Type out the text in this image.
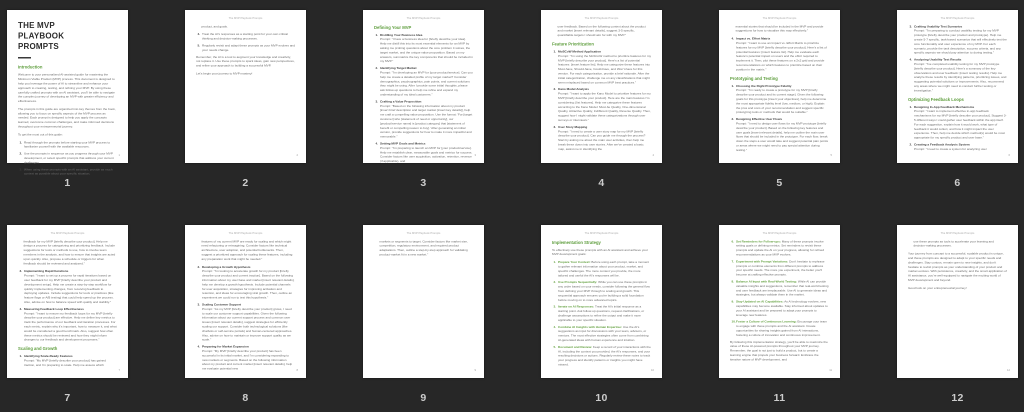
THE MVP PLAYBOOK PROMPTS
Introduction
Welcome to your personalized AI-assisted guide for mastering the Minimum Viable Product (MVP) process. This document is designed to help you leverage the power of AI to streamline and enhance your approach to creating, testing, and refining your MVP. By using these carefully crafted prompts with an AI assistant, you'll be able to navigate the complex journey of developing an MVP with greater efficiency and effectiveness.
The prompts in this guide are organized into key themes from the book, allowing you to focus on specific aspects of the MVP process as needed. Each prompt is designed to help you apply the concepts learned, overcome common challenges, and make informed decisions throughout your entrepreneurial journey.
To get the most out of this guide:
1. Read through the prompts before starting your MVP process to familiarize yourself with the available resources.
2. Use the prompts in sequence as you progress through your MVP development, or select specific prompts that address your current challenges.
3. When using these prompts with an AI assistant, provide as much context as possible about your specific situation,
1
1
The MVP Playbook Prompts
product, and goals.
4. Treat the AI's responses as a starting point for your own critical thinking and decision-making processes.
5. Regularly revisit and adapt these prompts as your MVP evolves and your needs change.
Remember, the AI is a tool to augment your knowledge and creativity, not replace it. Use these prompts to spark ideas, gain new perspectives, and refine your approach to building a successful MVP.
Let's begin your journey to MVP mastery!
2
2
The MVP Playbook Prompts
Defining Your MVP
1. Distilling Your Business Idea
Prompt: "I have a business idea for [briefly describe your idea]. Help me distill this into its most essential elements for an MVP by asking me probing questions about the core problem it solves, the target market, and the unique value proposition. Based on my answers, summarize the key components that should be included in my MVP."
2. Identifying Target Market
Prompt: "I'm developing an MVP for [your product/service]. Can you help me create a detailed profile of my target market? Consider demographics, psychographics, pain points, and current solutions they might be using. After I provide some initial thoughts, please ask follow-up questions to help me refine and expand my understanding of my ideal customers."
3. Crafting a Value Proposition
Prompt: "Based on the following information about my product [insert brief description and target market [insert key details]], help me craft a compelling value proposition. Use the format: 'For [target customer] who [statement of need or opportunity], our [product/service name] is [product category] that [statement of benefit or compelling reason to buy].' After generating an initial version, provide suggestions for how to make it more impactful and memorable."
4. Setting MVP Goals and Metrics
Prompt: "I'm preparing to launch an MVP for [your product/service]. Help me establish clear, measurable goals and metrics for success. Consider factors like user acquisition, activation, retention, revenue (if applicable), and
3
3
The MVP Playbook Prompts
user feedback. Based on the following context about the product and market [insert relevant details], suggest 3-5 specific, quantifiable targets I should aim for with my MVP."
Feature Prioritization
1. MoSCoW Method Application
Prompt: "I'm using the MoSCoW method to prioritize features for my MVP [briefly describe your product]. Here's a list of potential features: [insert feature list]. Help me categorize these features into Must-have, Should-have, Could-have, and Won't-have for this version. For each categorization, provide a brief rationale. After the initial categorization, challenge me on any classifications that might seem misplaced based on common MVP best practices."
2. Kano Model Analysis
Prompt: "I want to apply the Kano Model to prioritize features for my MVP [briefly describe your product]. Here are the main features I'm considering: [list features]. Help me categorize these features according to the Kano Model: Must-be Quality, One-dimensional Quality, Attractive Quality, Indifferent Quality, Reverse Quality. Then, suggest how I might validate these categorizations through user surveys or interviews."
3. User Story Mapping
Prompt: "I need to create a user story map for my MVP [briefly describe your product]. Can you guide me through the process? Start by asking me about the main user activities, then help me break these down into user stories. After we've created a basic map, assist me in identifying the
4
4
The MVP Playbook Prompts
essential stories that should be included in the MVP and provide suggestions for how to visualize this map effectively."
4. Impact vs. Effort Matrix
Prompt: "I want to use an Impact vs. Effort Matrix to prioritize features for my MVP [briefly describe your product]. Here's a list of potential features: [insert feature list]. Help me evaluate each feature's potential impact on users and the effort required to implement it. Then, plot these features on a 2x2 grid and provide recommendations on which features to prioritize based on their position in the matrix."
Prototyping and Testing
1. Choosing the Right Prototype Fidelity
Prompt: "I'm ready to create a prototype for my MVP [briefly describe your product and its current stage]. Given the following goals for this prototype [insert your objectives], help me determine the most appropriate fidelity level (low, medium, or high). Explain the pros and cons of your recommendation and suggest specific prototyping tools or methods that would be suitable."
2. Designing Effective User Flows
Prompt: "I need to design user flows for my MVP prototype [briefly describe your product]. Based on the following key features and user goals [insert relevant details], help me outline the main user flows that should be included in the prototype. For each flow, break down the steps a user would take and suggest potential pain points or areas where we might need to pay special attention during testing."
5
5
The MVP Playbook Prompts
3. Crafting Usability Test Scenarios
Prompt: "I'm preparing to conduct usability testing for my MVP prototype [briefly describe your product and prototype]. Help me create 5-7 specific, task-based scenarios that will effectively test the core functionality and user experience of my MVP. For each scenario, provide the task description, success criteria, and any specific aspects we should pay attention to during testing."
4. Analyzing Usability Test Results
Prompt: "I've completed usability testing for my MVP prototype [briefly describe your product]. Here's a summary of the key observations and user feedback: [insert testing results]. Help me analyze these results by identifying patterns, prioritizing issues, and suggesting potential solutions or improvements. Also, recommend any areas where we might need to conduct further testing or investigation."
Optimizing Feedback Loops
1. Designing In-App Feedback Mechanisms
Prompt: "I want to implement effective in-app feedback mechanisms for my MVP [briefly describe your product]. Suggest 3-5 different ways I could gather user feedback within the app itself. For each suggestion, explain how it would work, what type of feedback it would collect, and how it might impact the user experience. Then, help me decide which method(s) would be most appropriate for my specific product and user base."
2. Creating a Feedback Analysis System
Prompt: "I need to create a system for analyzing user
6
6
The MVP Playbook Prompts
feedback for my MVP [briefly describe your product]. Help me design a process for categorizing and prioritizing feedback. Include suggestions for tools or methods to use, how to involve team members in the analysis, and how to ensure that insights are acted upon quickly. Also, propose a schedule or triggers for when feedback should be reviewed and analyzed."
3. Implementing Rapid Iterations
Prompt: "I want to set up a process for rapid iterations based on user feedback for my MVP [briefly describe your product and development setup]. Help me create a step-by-step workflow for quickly implementing changes, from receiving feedback to deploying updates. Include suggestions for tools or practices (like feature flags or A/B testing) that could help speed up the process. Also, advise on how to balance speed with quality and stability."
4. Measuring Feedback Loop Effectiveness
Prompt: "I want to ensure my feedback loops for my MVP [briefly describe your product] are effective. Help me define key metrics to track the performance of our feedback and iteration processes. For each metric, explain why it's important, how to measure it, and what would be considered a good benchmark. Also, suggest how often these metrics should be reviewed and how they might inform changes to our feedback and development processes."
Scaling and Growth
1. Identifying Scale-Ready Features
Prompt: "My MVP [briefly describe your product] has gained traction, and I'm preparing to scale. Help me assess which
7
7
The MVP Playbook Prompts
features of my current MVP are ready for scaling and which might need refactoring or reimagining. Consider factors like technical architecture, user adoption, and potential bottlenecks. Then, suggest a prioritized approach for scaling these features, including any preparation work that might be needed."
2. Developing a Growth Hypothesis
Prompt: "I'm looking to accelerate growth for my product [briefly describe your product and current traction]. Based on the following information about my user base and market [insert relevant details], help me develop a growth hypothesis. Include potential channels for user acquisition, strategies for improving activation and retention, and ideas for encouraging viral growth. Then, outline an experiment we could run to test this hypothesis."
3. Scaling Customer Support
Prompt: "As my MVP [briefly describe your product] grows, I need to scale our customer support capabilities. Given the following information about our current support process and common user issues [insert relevant details], suggest strategies for efficiently scaling our support. Consider both technological solutions (like chatbots or self-service portals) and human-centered approaches. Also, advise on how to maintain or improve support quality as we scale."
4. Preparing for Market Expansion
Prompt: "My MVP [briefly describe your product] has been successful in its initial market, and I'm considering expanding to new markets or segments. Based on the following information about my product and current market [insert relevant details], help me evaluate potential new
8
8
The MVP Playbook Prompts
markets or segments to target. Consider factors like market size, competition, regulatory environment, and required product adaptations. Then, outline a step-by-step approach for validating product-market fit in a new market."
9
9
The MVP Playbook Prompts
Implementation Strategy
To effectively use these prompts with an AI assistant and achieve your MVP development goals:
1. Prepare Your Context: Before using each prompt, take a moment to gather relevant information about your product, market, and specific challenges. The more context you provide, the more tailored and useful the AI's responses will be.
2. Use Prompts Sequentially: While you can use these prompts in any order based on your needs, consider following the general flow from defining your MVP through to scaling and growth. This sequential approach ensures you're building a solid foundation before moving on to more advanced topics.
3. Iterate on AI Responses: Treat the AI's initial response as a starting point. Ask follow-up questions, request clarifications, or challenge assumptions to refine the output and make it more applicable to your specific situation.
4. Combine AI Insights with Human Expertise: Use the AI's suggestions as input for discussions with your team, advisors, or mentors. The most effective strategies often come from combining AI-generated ideas with human experience and intuition.
5. Document and Review: Keep a record of your interactions with the AI, including the context you provided, the AI's responses, and your resulting decisions or actions. Regularly review these notes to track your progress and identify patterns or insights you might have missed.
10
10
The MVP Playbook Prompts
6. Set Reminders for Follow-ups: Many of these prompts involve setting goals or defining metrics. Set reminders to revisit these prompts and update the AI on your progress, allowing for refined recommendations as your MVP evolves.
7. Experiment with Prompt Variations: Don't hesitate to rephrase prompts or combine elements from different prompts to address your specific needs. The more you experiment, the better you'll become at crafting effective prompts.
8. Balance AI Input with Real-World Testing: While AI can provide valuable insights and suggestions, remember that real-world testing and user feedback are irreplaceable. Use AI to generate ideas and strategies, but always validate them in the market.
9. Stay Updated on AI Capabilities: As AI technology evolves, new capabilities may become available. Stay informed about updates to your AI assistant and be prepared to adapt your prompts to leverage new features.
10. Foster a Culture of Continuous Learning: Encourage your team to engage with these prompts and the AI assistant. Create opportunities for sharing insights gained from AI interactions, fostering a culture of innovation and continuous improvement.
By following this implementation strategy, you'll be able to maximize the value of these AI-powered prompts throughout your MVP journey. Remember, the goal is not just to build a product, but to create a learning engine that propels your business forward. Embrace the iterative nature of MVP development, and
11
11
The MVP Playbook Prompts
use these prompts as tools to accelerate your learning and decision-making processes.
Your journey from concept to a successful, scalable product is unique, and these prompts are designed to adapt to your specific needs and challenges. Stay curious, remain open to new insights, and don't hesitate to revisit prompts as your understanding of your product and market evolves. With persistence, creativity, and the smart application of AI assistance, you're well-equipped to navigate the exciting world of MVP development and beyond.
Good luck on your entrepreneurial journey!
12
12
